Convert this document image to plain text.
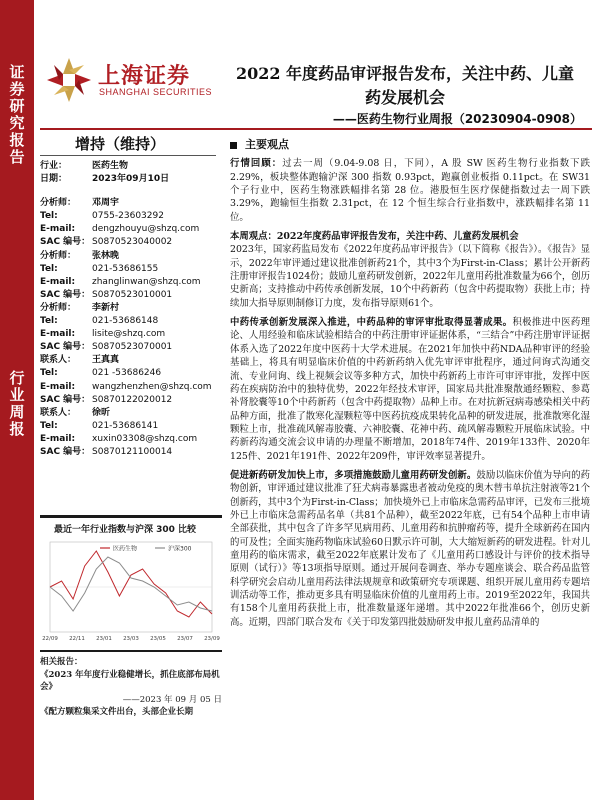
证
券
研
究
报
告
行
业
周
报
上海证券
SHANGHAI SECURITIES
2022 年度药品审评报告发布，关注中药、儿童药发展机会
——医药生物行业周报（20230904-0908）
增持（维持）
行业：	医药生物
日期：	2023年09月10日
分析师：	邓周宇
Tel:	0755-23603292
E-mail:	dengzhouyu@shzq.com
SAC 编号： S0870523040002
分析师：	张林晚
Tel:	021-53686155
E-mail:	zhanglinwan@shzq.com
SAC 编号： S0870523010001
分析师：	李新村
Tel:	021-53686148
E-mail:	lisite@shzq.com
SAC 编号： S0870523070001
联系人：	王真真
Tel:	021 -53686246
E-mail:	wangzhenzhen@shzq.com
SAC 编号： S0870122020012
联系人：	徐昕
Tel:	021-53686141
E-mail:	xuxin03308@shzq.com
SAC 编号： S0870121100014
最近一年行业指数与沪深 300 比较
医药生物	沪深300
22/09 22/11 23/01 23/03 23/05 23/07 23/09
相关报告：
《2023 年年度行业稳健增长，抓住底部布局机会》
——2023 年 09 月 05 日
《配方颗粒集采文件出台，头部企业长期
主要观点

行情回顾：过去一周（9.04-9.08 日，下同），A 股 SW 医药生物行业指数下跌 2.29%，板块整体跑输沪深 300 指数 0.93pct，跑赢创业板指 0.11pct。在 SW31 个子行业中，医药生物涨跌幅排名第 28 位。港股恒生医疗保健指数过去一周下跌 3.29%，跑输恒生指数 2.31pct，在 12 个恒生综合行业指数中，涨跌幅排名第 11 位。

本周观点：2022年度药品审评报告发布，关注中药、儿童药发展机会
2023年，国家药监局发布《2022年度药品审评报告》（以下简称《报告》）。《报告》显示，2022年审评通过建议批准创新药21个，其中3个为First-in-Class；累计公开新药注册审评报告1024份；鼓励儿童药研发创新，2022年儿童用药批准数量为66个，创历史新高；支持推动中药传承创新发展，10个中药新药（包含中药提取物）获批上市；持续加大指导原则制修订力度，发布指导原则61个。

中药传承创新发展深入推进，中药品种的审评审批取得显著成果。积极推进中医药理论、人用经验和临床试验相结合的中药注册审评证据体系，“三结合”中药注册审评证据体系入选了2022年度中医药十大学术进展。在2021年加快中药NDA品种审评的经验基础上，将具有明显临床价值的中药新药纳入优先审评审批程序，通过问询式沟通交流、专业问询、线上视频会议等多种方式，加快中药新药上市许可审评审批，发挥中医药在疾病防治中的独特优势，2022年经技术审评，国家局共批准聚散通经颗粒、参葛补肾胶囊等10个中药新药（包含中药提取物）品种上市。在对抗新冠病毒感染相关中药品种方面，批准了散寒化湿颗粒等中医药抗疫成果转化品种的研发进展，批准散寒化湿颗粒上市，批准疏风解毒胶囊、六神胶囊、花神中药、疏风解毒颗粒开展临床试验。中药新药沟通交流会议申请的办理量不断增加，2018年74件、2019年133件、2020年125件、2021年191件、2022年209件，审评效率显著提升。

促进新药研发加快上市，多项措施鼓励儿童用药研发创新。鼓励以临床价值为导向的药物创新，审评通过建议批准了狂犬病毒暴露患者被动免疫的奥木替韦单抗注射液等21个创新药，其中3个为First-in-Class；加快境外已上市临床急需药品审评，已发布三批境外已上市临床急需药品名单（共81个品种），截至2022年底，已有54个品种上市申请全部获批，其中包含了许多罕见病用药、儿童用药和抗肿瘤药等，提升全球新药在国内的可及性；全面实施药物临床试验60日默示许可制，大大缩短新药的研发进程。针对儿童用药的临床需求，截至2022年底累计发布了《儿童用药口感设计与评价的技术指导原则（试行）》等13项指导原则。通过开展问卷调查、举办专题座谈会、联合药品监管科学研究会启动儿童用药法律法规规章和政策研究专项课题、组织开展儿童用药专题培训活动等工作，推动更多具有明显临床价值的儿童用药上市。2019至2022年，我国共有158个儿童用药获批上市，批准数量逐年递增。其中2022年批准66个，创历史新高。近期，四部门联合发布《关于印发第四批鼓励研发申报儿童药品清单的
